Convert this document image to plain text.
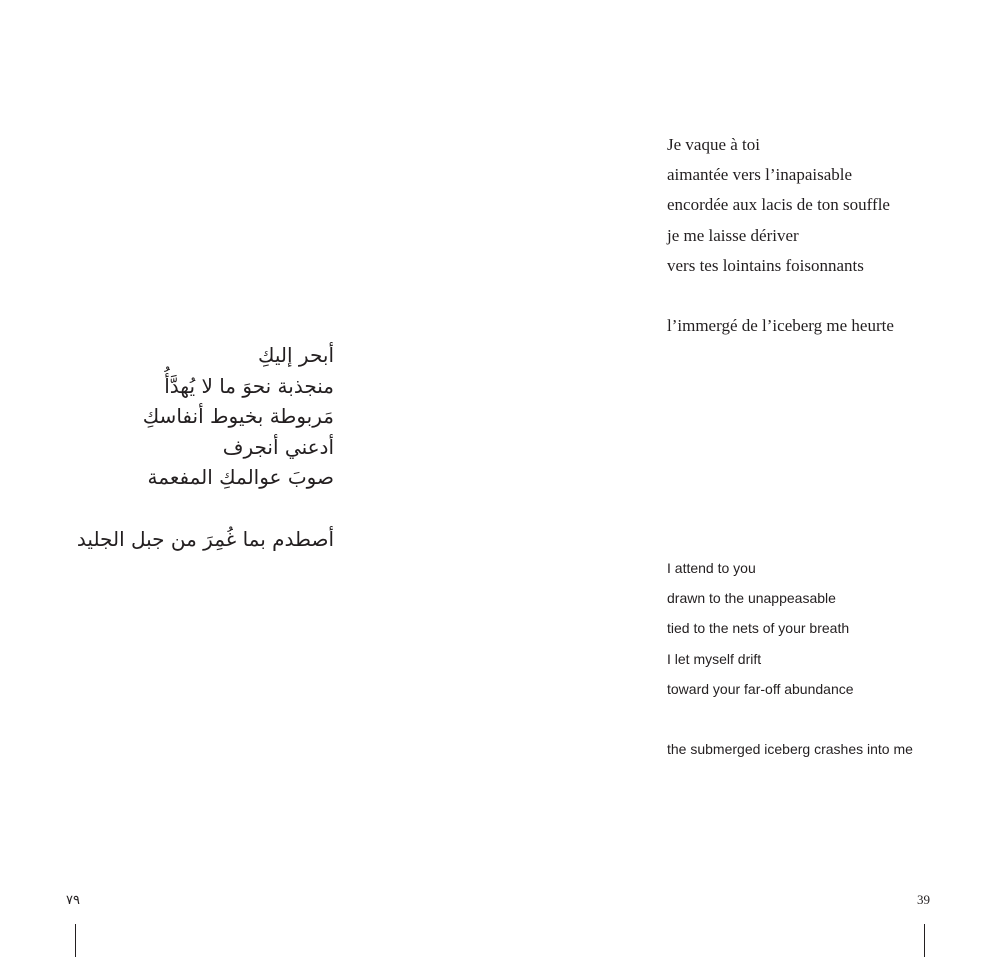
أبحر إليكِ
منجذبة نحوَ ما لا يُهدَّأُ
مَربوطة بخيوط أنفاسكِ
أدعني أنجرف
صوبَ عوالمكِ المفعمة
أصطدم بما غُمِرَ من جبل الجليد
٧٩
Je vaque à toi
aimantée vers l’inapaisable
encordée aux lacis de ton souffle
je me laisse dériver
vers tes lointains foisonnants
l’immergé de l’iceberg me heurte
I attend to you
drawn to the unappeasable
tied to the nets of your breath
I let myself drift
toward your far-off abundance
the submerged iceberg crashes into me
39
